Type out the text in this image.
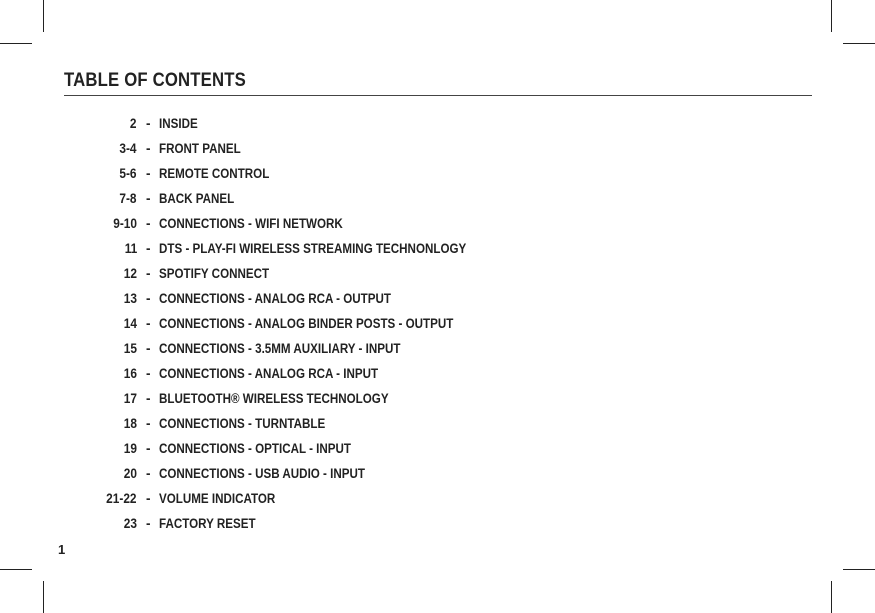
TABLE OF CONTENTS
2 - INSIDE
3-4 - FRONT PANEL
5-6 - REMOTE CONTROL
7-8 - BACK PANEL
9-10 - CONNECTIONS - WIFI NETWORK
11 - DTS - PLAY-FI WIRELESS STREAMING TECHNONLOGY
12 - SPOTIFY CONNECT
13 - CONNECTIONS - ANALOG RCA - OUTPUT
14 - CONNECTIONS - ANALOG BINDER POSTS - OUTPUT
15 - CONNECTIONS - 3.5MM AUXILIARY - INPUT
16 - CONNECTIONS - ANALOG RCA - INPUT
17 - BLUETOOTH® WIRELESS TECHNOLOGY
18 - CONNECTIONS - TURNTABLE
19 - CONNECTIONS - OPTICAL - INPUT
20 - CONNECTIONS - USB AUDIO - INPUT
21-22 - VOLUME INDICATOR
23 - FACTORY RESET
1
